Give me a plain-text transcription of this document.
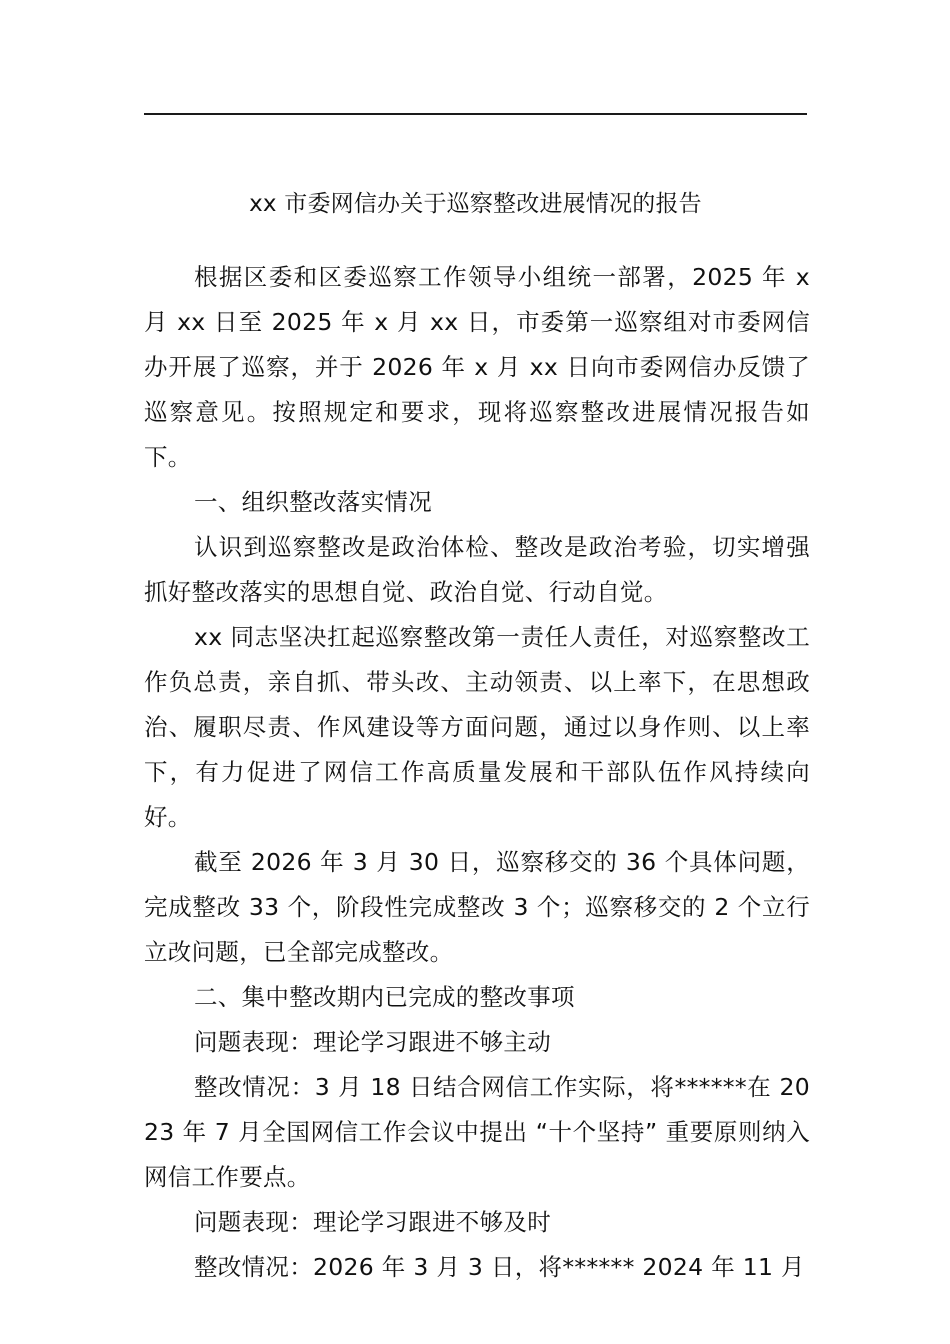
xx 市委网信办关于巡察整改进展情况的报告

根据区委和区委巡察工作领导小组统一部署，2025 年 x 月 xx 日至 2025 年 x 月 xx 日，市委第一巡察组对市委网信办开展了巡察，并于 2026 年 x 月 xx 日向市委网信办反馈了巡察意见。按照规定和要求，现将巡察整改进展情况报告如下。

一、组织整改落实情况

认识到巡察整改是政治体检、整改是政治考验，切实增强抓好整改落实的思想自觉、政治自觉、行动自觉。

xx 同志坚决扛起巡察整改第一责任人责任，对巡察整改工作负总责，亲自抓、带头改、主动领责、以上率下，在思想政治、履职尽责、作风建设等方面问题，通过以身作则、以上率下，有力促进了网信工作高质量发展和干部队伍作风持续向好。

截至 2026 年 3 月 30 日，巡察移交的 36 个具体问题，完成整改 33 个，阶段性完成整改 3 个；巡察移交的 2 个立行立改问题，已全部完成整改。

二、集中整改期内已完成的整改事项

问题表现：理论学习跟进不够主动

整改情况：3 月 18 日结合网信工作实际，将******在 2023 年 7 月全国网信工作会议中提出 “十个坚持” 重要原则纳入网信工作要点。

问题表现：理论学习跟进不够及时

整改情况：2026 年 3 月 3 日，将****** 2024 年 11 月
